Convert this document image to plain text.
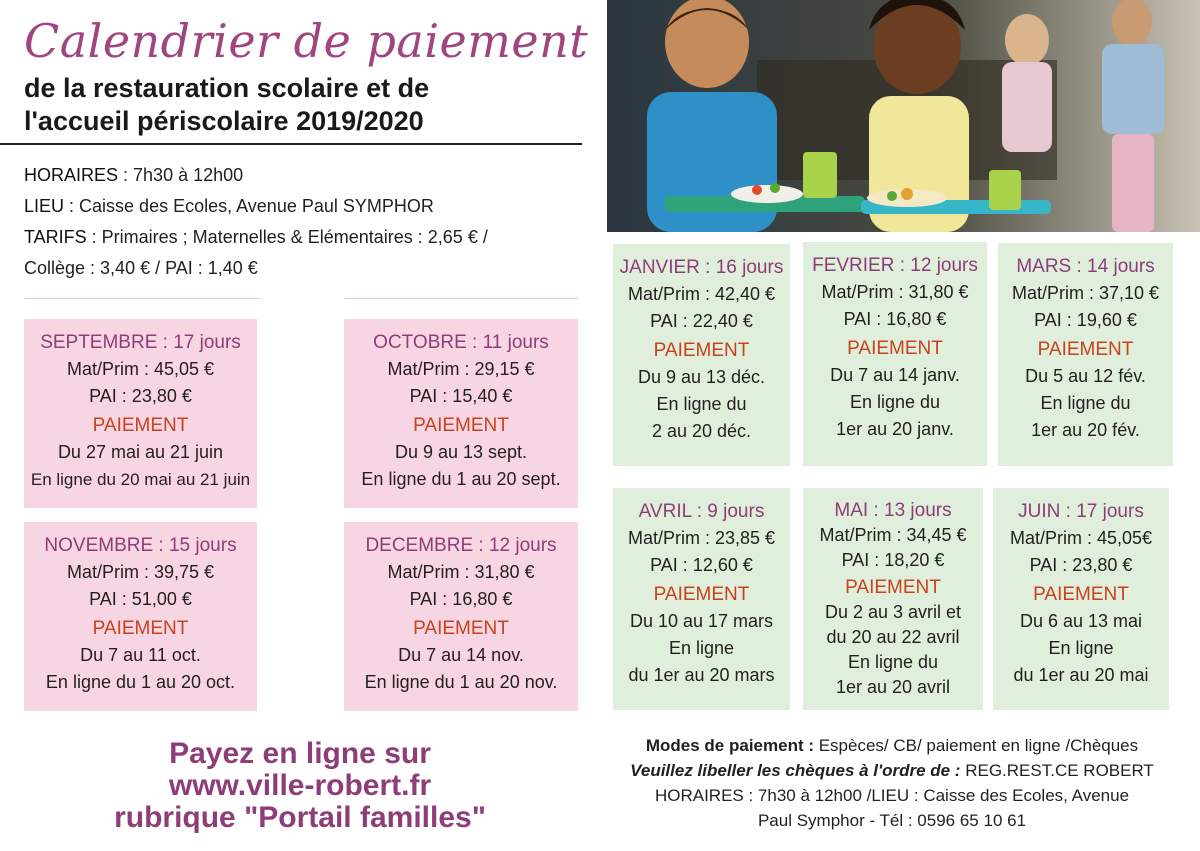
Calendrier de paiement
de la restauration scolaire et de
l'accueil périscolaire 2019/2020
HORAIRES : 7h30 à 12h00
LIEU : Caisse des Ecoles, Avenue Paul SYMPHOR
TARIFS : Primaires ; Maternelles & Elémentaires : 2,65 € /
Collège : 3,40 € / PAI : 1,40 €
SEPTEMBRE : 17 jours
Mat/Prim : 45,05 €
PAI : 23,80 €
PAIEMENT
Du 27 mai au 21 juin
En ligne du 20 mai au 21 juin
OCTOBRE : 11 jours
Mat/Prim : 29,15 €
PAI : 15,40 €
PAIEMENT
Du 9 au 13 sept.
En ligne du 1 au 20 sept.
NOVEMBRE : 15 jours
Mat/Prim : 39,75 €
PAI : 51,00 €
PAIEMENT
Du 7 au 11 oct.
En ligne du 1 au 20 oct.
DECEMBRE : 12 jours
Mat/Prim : 31,80 €
PAI : 16,80 €
PAIEMENT
Du 7 au 14 nov.
En ligne du 1 au 20 nov.
JANVIER : 16 jours
Mat/Prim : 42,40 €
PAI : 22,40 €
PAIEMENT
Du 9 au 13 déc.
En ligne du
2 au 20 déc.
FEVRIER : 12 jours
Mat/Prim : 31,80 €
PAI : 16,80 €
PAIEMENT
Du 7 au 14 janv.
En ligne du
1er au 20 janv.
MARS : 14 jours
Mat/Prim : 37,10 €
PAI : 19,60 €
PAIEMENT
Du 5 au 12 fév.
En ligne du
1er au 20 fév.
AVRIL : 9 jours
Mat/Prim : 23,85 €
PAI : 12,60 €
PAIEMENT
Du 10 au 17 mars
En ligne
du 1er au 20 mars
MAI : 13 jours
Mat/Prim : 34,45 €
PAI : 18,20 €
PAIEMENT
Du 2 au 3 avril et
du 20 au 22 avril
En ligne du
1er au 20 avril
JUIN : 17 jours
Mat/Prim : 45,05€
PAI : 23,80 €
PAIEMENT
Du 6 au 13 mai
En ligne
du 1er au 20 mai
Payez en ligne sur
www.ville-robert.fr
rubrique "Portail familles"
Modes de paiement : Espèces/ CB/ paiement en ligne /Chèques
Veuillez libeller les chèques à l'ordre de : REG.REST.CE ROBERT
HORAIRES : 7h30 à 12h00 /LIEU : Caisse des Ecoles, Avenue
Paul Symphor - Tél : 0596 65 10 61
